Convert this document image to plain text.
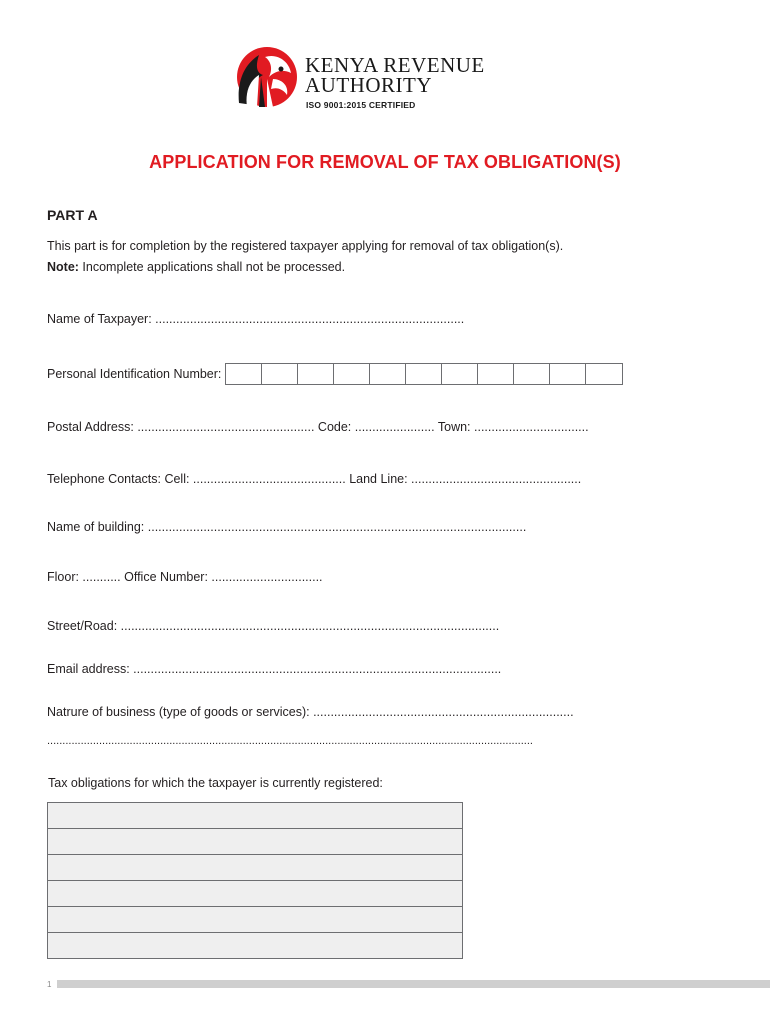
KENYA REVENUE
AUTHORITY
ISO 9001:2015 CERTIFIED
APPLICATION FOR REMOVAL OF TAX OBLIGATION(S)
PART A
This part is for completion by the registered taxpayer applying for removal of tax obligation(s).
Note: Incomplete applications shall not be processed.
Name of Taxpayer: .........................................................................................
Personal Identification Number:
Postal Address: ................................................... Code: ....................... Town: .................................
Telephone Contacts: Cell: ............................................ Land Line: .................................................
Name of building: .............................................................................................................
Floor: ........... Office Number: ................................
Street/Road: .............................................................................................................
Email address: ..........................................................................................................
Natrure of business (type of goods or services): ...........................................................................
...............................................................................................................................................................
Tax obligations for which the taxpayer is currently registered:

1
